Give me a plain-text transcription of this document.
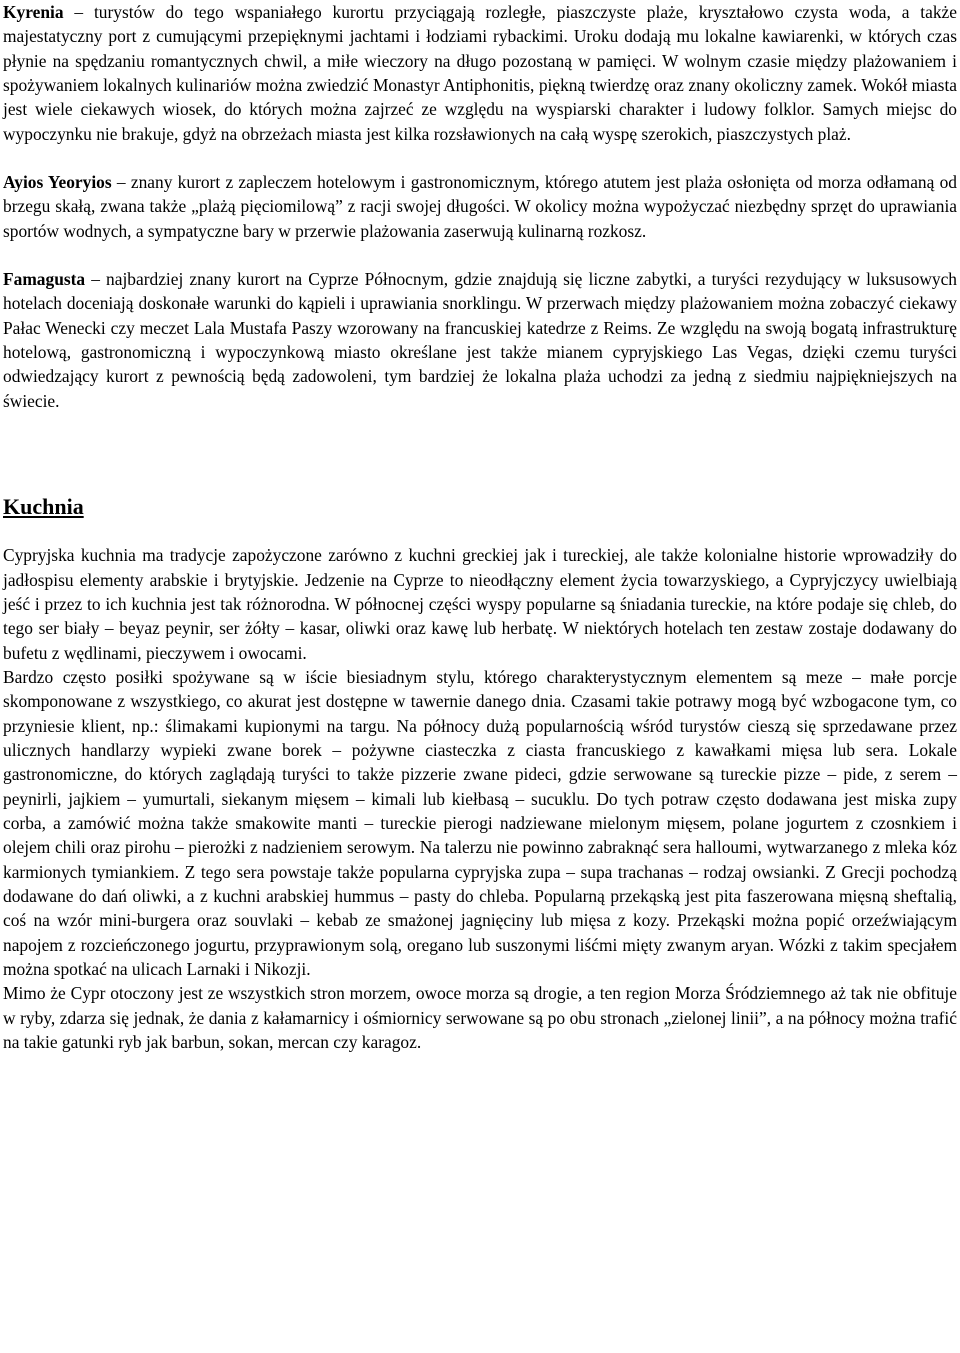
Kyrenia – turystów do tego wspaniałego kurortu przyciągają rozległe, piaszczyste plaże, kryształowo czysta woda, a także majestatyczny port z cumującymi przepięknymi jachtami i łodziami rybackimi. Uroku dodają mu lokalne kawiarenki, w których czas płynie na spędzaniu romantycznych chwil, a miłe wieczory na długo pozostaną w pamięci. W wolnym czasie między plażowaniem i spożywaniem lokalnych kulinariów można zwiedzić Monastyr Antiphonitis, piękną twierdzę oraz znany okoliczny zamek. Wokół miasta jest wiele ciekawych wiosek, do których można zajrzeć ze względu na wyspiarski charakter i ludowy folklor. Samych miejsc do wypoczynku nie brakuje, gdyż na obrzeżach miasta jest kilka rozsławionych na całą wyspę szerokich, piaszczystych plaż.

Ayios Yeoryios – znany kurort z zapleczem hotelowym i gastronomicznym, którego atutem jest plaża osłonięta od morza odłamaną od brzegu skałą, zwana także „plażą pięciomilową” z racji swojej długości. W okolicy można wypożyczać niezbędny sprzęt do uprawiania sportów wodnych, a sympatyczne bary w przerwie plażowania zaserwują kulinarną rozkosz.

Famagusta – najbardziej znany kurort na Cyprze Północnym, gdzie znajdują się liczne zabytki, a turyści rezydujący w luksusowych hotelach doceniają doskonałe warunki do kąpieli i uprawiania snorklingu. W przerwach między plażowaniem można zobaczyć ciekawy Pałac Wenecki czy meczet Lala Mustafa Paszy wzorowany na francuskiej katedrze z Reims. Ze względu na swoją bogatą infrastrukturę hotelową, gastronomiczną i wypoczynkową miasto określane jest także mianem cypryjskiego Las Vegas, dzięki czemu turyści odwiedzający kurort z pewnością będą zadowoleni, tym bardziej że lokalna plaża uchodzi za jedną z siedmiu najpiękniejszych na świecie.

Kuchnia

Cypryjska kuchnia ma tradycje zapożyczone zarówno z kuchni greckiej jak i tureckiej, ale także kolonialne historie wprowadziły do jadłospisu elementy arabskie i brytyjskie. Jedzenie na Cyprze to nieodłączny element życia towarzyskiego, a Cypryjczycy uwielbiają jeść i przez to ich kuchnia jest tak różnorodna. W północnej części wyspy popularne są śniadania tureckie, na które podaje się chleb, do tego ser biały – beyaz peynir, ser żółty – kasar, oliwki oraz kawę lub herbatę. W niektórych hotelach ten zestaw zostaje dodawany do bufetu z wędlinami, pieczywem i owocami.

Bardzo często posiłki spożywane są w iście biesiadnym stylu, którego charakterystycznym elementem są meze – małe porcje skomponowane z wszystkiego, co akurat jest dostępne w tawernie danego dnia. Czasami takie potrawy mogą być wzbogacone tym, co przyniesie klient, np.: ślimakami kupionymi na targu. Na północy dużą popularnością wśród turystów cieszą się sprzedawane przez ulicznych handlarzy wypieki zwane borek – pożywne ciasteczka z ciasta francuskiego z kawałkami mięsa lub sera. Lokale gastronomiczne, do których zaglądają turyści to także pizzerie zwane pideci, gdzie serwowane są tureckie pizze – pide, z serem – peynirli, jajkiem – yumurtali, siekanym mięsem – kimali lub kiełbasą – sucuklu. Do tych potraw często dodawana jest miska zupy corba, a zamówić można także smakowite manti – tureckie pierogi nadziewane mielonym mięsem, polane jogurtem z czosnkiem i olejem chili oraz pirohu – pierożki z nadzieniem serowym. Na talerzu nie powinno zabraknąć sera halloumi, wytwarzanego z mleka kóz karmionych tymiankiem. Z tego sera powstaje także popularna cypryjska zupa – supa trachanas – rodzaj owsianki. Z Grecji pochodzą dodawane do dań oliwki, a z kuchni arabskiej hummus – pasty do chleba. Popularną przekąską jest pita faszerowana mięsną sheftalią, coś na wzór mini-burgera oraz souvlaki – kebab ze smażonej jagnięciny lub mięsa z kozy. Przekąski można popić orzeźwiającym napojem z rozcieńczonego jogurtu, przyprawionym solą, oregano lub suszonymi liśćmi mięty zwanym aryan. Wózki z takim specjałem można spotkać na ulicach Larnaki i Nikozji.

Mimo że Cypr otoczony jest ze wszystkich stron morzem, owoce morza są drogie, a ten region Morza Śródziemnego aż tak nie obfituje w ryby, zdarza się jednak, że dania z kałamarnicy i ośmiornicy serwowane są po obu stronach „zielonej linii”, a na północy można trafić na takie gatunki ryb jak barbun, sokan, mercan czy karagoz.
